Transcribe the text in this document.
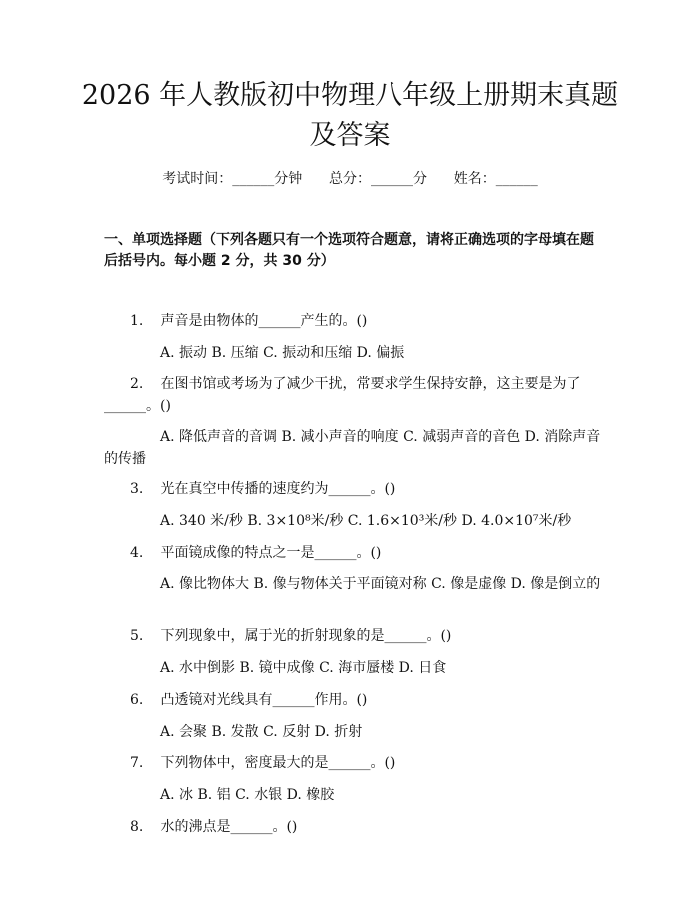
2026 年人教版初中物理八年级上册期末真题
及答案
考试时间：______分钟      总分：______分      姓名：______
一、单项选择题（下列各题只有一个选项符合题意，请将正确选项的字母填在题后括号内。每小题 2 分，共 30 分）
1. 声音是由物体的______产生的。()
A. 振动 B. 压缩 C. 振动和压缩 D. 偏振
2. 在图书馆或考场为了减少干扰，常要求学生保持安静，这主要是为了______。()
A. 降低声音的音调 B. 减小声音的响度 C. 减弱声音的音色 D. 消除声音的传播
3. 光在真空中传播的速度约为______。()
A. 340 米/秒 B. 3×10⁸米/秒 C. 1.6×10³米/秒 D. 4.0×10⁷米/秒
4. 平面镜成像的特点之一是______。()
A. 像比物体大 B. 像与物体关于平面镜对称 C. 像是虚像 D. 像是倒立的
5. 下列现象中，属于光的折射现象的是______。()
A. 水中倒影 B. 镜中成像 C. 海市蜃楼 D. 日食
6. 凸透镜对光线具有______作用。()
A. 会聚 B. 发散 C. 反射 D. 折射
7. 下列物体中，密度最大的是______。()
A. 冰 B. 铝 C. 水银 D. 橡胶
8. 水的沸点是______。()
